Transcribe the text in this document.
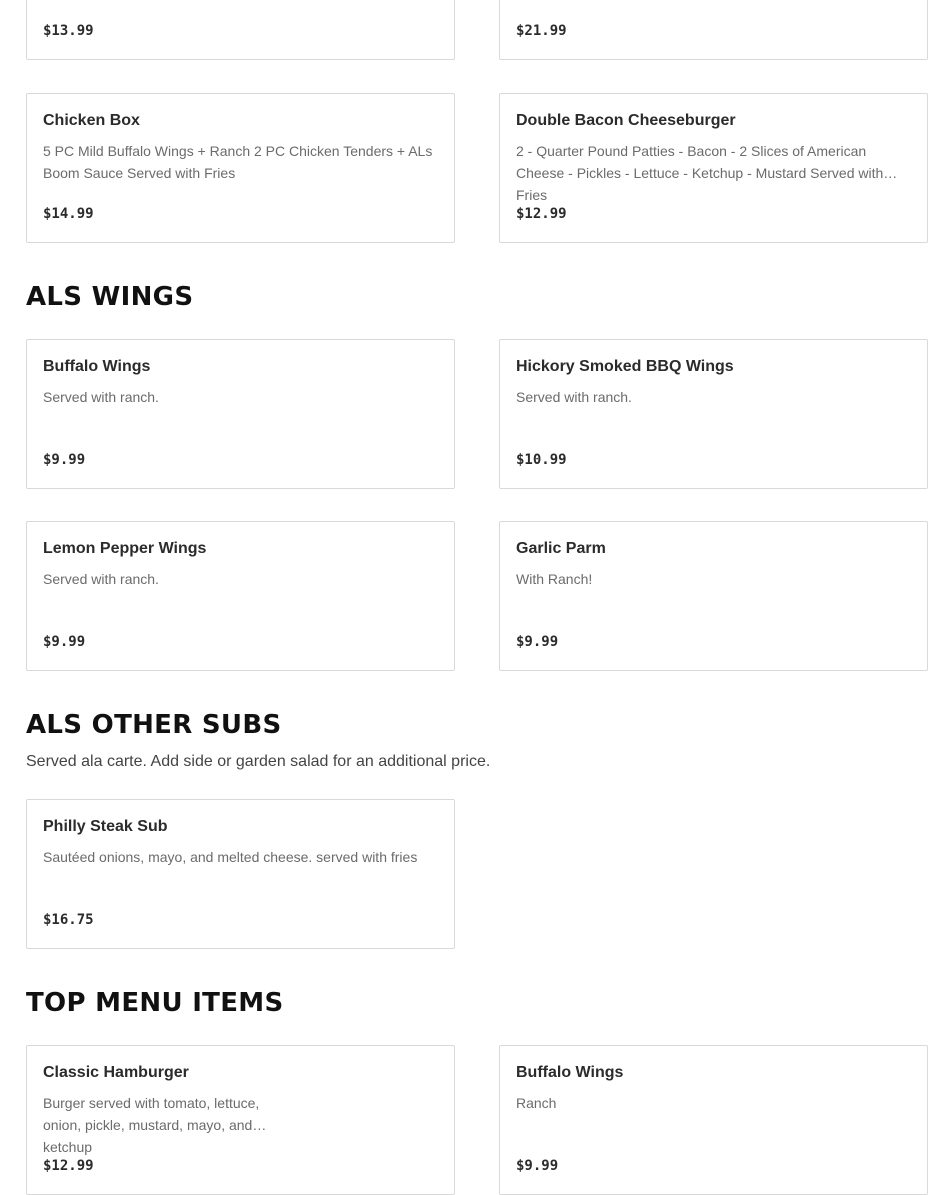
$13.99	$21.99
Chicken Box
5 PC Mild Buffalo Wings + Ranch 2 PC Chicken Tenders + ALs Boom Sauce Served with Fries
$14.99
Double Bacon Cheeseburger
2 - Quarter Pound Patties - Bacon - 2 Slices of American Cheese - Pickles - Lettuce - Ketchup - Mustard Served with Fries
$12.99
ALS WINGS
Buffalo Wings
Served with ranch.
$9.99
Hickory Smoked BBQ Wings
Served with ranch.
$10.99
Lemon Pepper Wings
Served with ranch.
$9.99
Garlic Parm
With Ranch!
$9.99
ALS OTHER SUBS

Served ala carte. Add side or garden salad for an additional price.

Philly Steak Sub
Sautéed onions, mayo, and melted cheese. served with fries
$16.75
TOP MENU ITEMS
Classic Hamburger
Burger served with tomato, lettuce, onion, pickle, mustard, mayo, and ketchup
$12.99
Buffalo Wings
Ranch
$9.99
